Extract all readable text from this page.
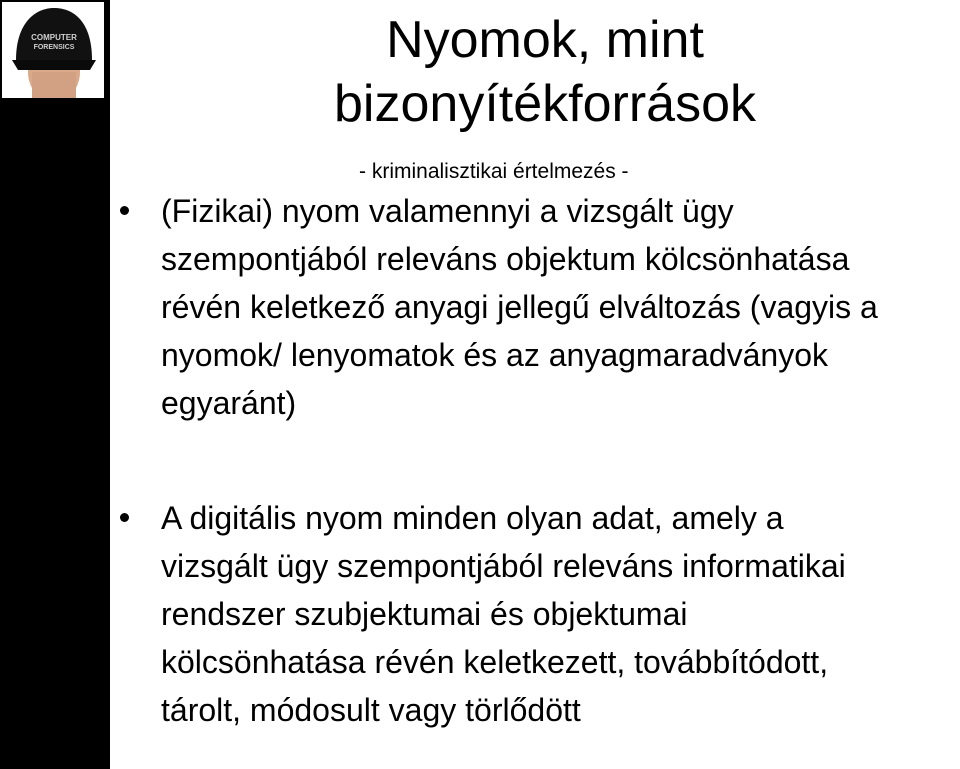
COMPUTER
FORENSICS	Nyomok, mint
bizonyítékforrások
- kriminalisztikai értelmezés -
(Fizikai) nyom valamennyi a vizsgált ügy
szempontjából releváns objektum kölcsönhatása
révén keletkező anyagi jellegű elváltozás (vagyis a
nyomok/ lenyomatok és az anyagmaradványok
egyaránt)
A digitális nyom minden olyan adat, amely a
vizsgált ügy szempontjából releváns informatikai
rendszer szubjektumai és objektumai
kölcsönhatása révén keletkezett, továbbítódott,
tárolt, módosult vagy törlődött
